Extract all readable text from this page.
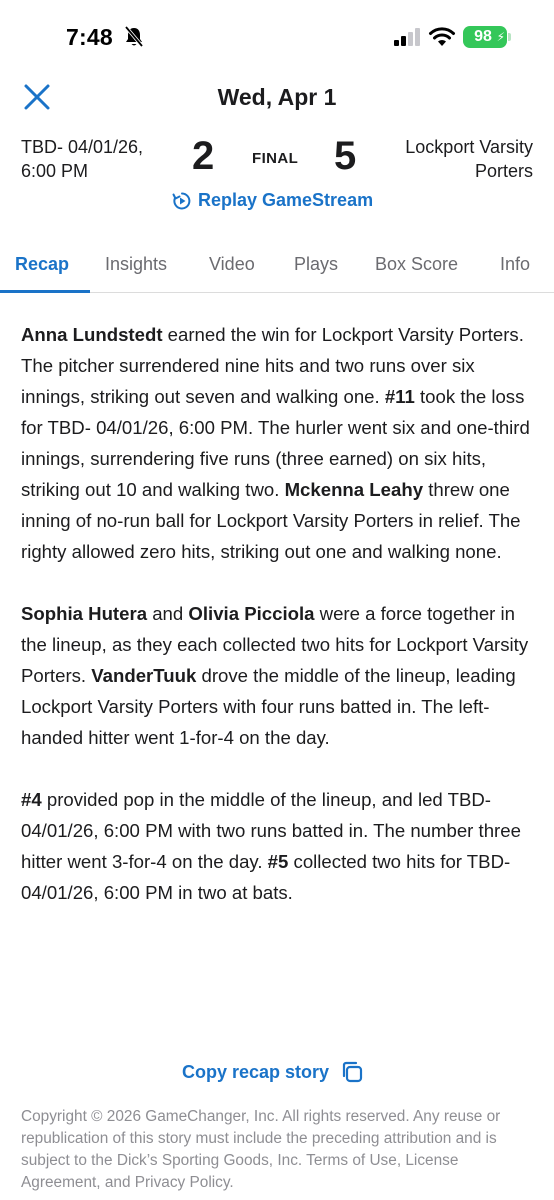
7:48	98 ⚡
Wed, Apr 1
TBD- 04/01/26,
6:00 PM	2	FINAL 5	Lockport Varsity
Porters
Replay GameStream
Recap Insights Video Plays Box Score Info

Anna Lundstedt earned the win for Lockport Varsity Porters. The pitcher surrendered nine hits and two runs over six innings, striking out seven and walking one. #11 took the loss for TBD- 04/01/26, 6:00 PM. The hurler went six and one-third innings, surrendering five runs (three earned) on six hits, striking out 10 and walking two. Mckenna Leahy threw one inning of no-run ball for Lockport Varsity Porters in relief. The righty allowed zero hits, striking out one and walking none.

Sophia Hutera and Olivia Picciola were a force together in the lineup, as they each collected two hits for Lockport Varsity Porters. VanderTuuk drove the middle of the lineup, leading Lockport Varsity Porters with four runs batted in. The left-handed hitter went 1-for-4 on the day.

#4 provided pop in the middle of the lineup, and led TBD- 04/01/26, 6:00 PM with two runs batted in. The number three hitter went 3-for-4 on the day. #5 collected two hits for TBD- 04/01/26, 6:00 PM in two at bats.

Copy recap story
Copyright © 2026 GameChanger, Inc. All rights reserved. Any reuse or republication of this story must include the preceding attribution and is subject to the Dick’s Sporting Goods, Inc. Terms of Use, License Agreement, and Privacy Policy.
